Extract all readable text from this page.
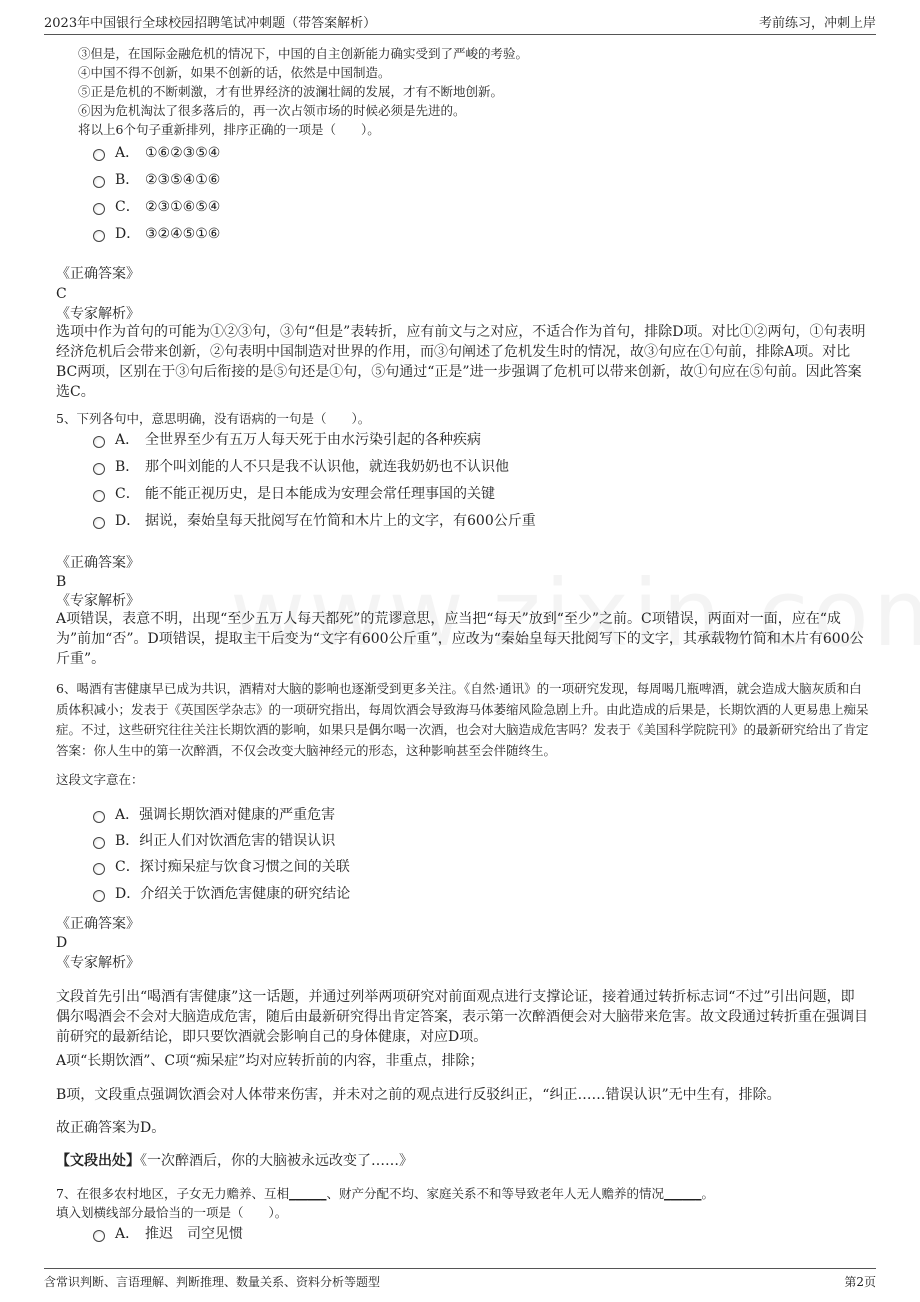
2023年中国银行全球校园招聘笔试冲刺题（带答案解析）	考前练习，冲刺上岸
③但是，在国际金融危机的情况下，中国的自主创新能力确实受到了严峻的考验。
④中国不得不创新，如果不创新的话，依然是中国制造。
⑤正是危机的不断刺激，才有世界经济的波澜壮阔的发展，才有不断地创新。
⑥因为危机淘汰了很多落后的，再一次占领市场的时候必须是先进的。
将以上6个句子重新排列，排序正确的一项是（　　）。
A． ①⑥②③⑤④
B． ②③⑤④①⑥
C． ②③①⑥⑤④
D． ③②④⑤①⑥
《正确答案》
C
《专家解析》
选项中作为首句的可能为①②③句，③句“但是”表转折，应有前文与之对应，不适合作为首句，排除D项。对比①②两句，①句表明经济危机后会带来创新，②句表明中国制造对世界的作用，而③句阐述了危机发生时的情况，故③句应在①句前，排除A项。对比BC两项，区别在于③句后衔接的是⑤句还是①句，⑤句通过“正是”进一步强调了危机可以带来创新，故①句应在⑤句前。因此答案选C。
5、下列各句中，意思明确，没有语病的一句是（　　）。
A． 全世界至少有五万人每天死于由水污染引起的各种疾病
B． 那个叫刘能的人不只是我不认识他，就连我奶奶也不认识他
C． 能不能正视历史，是日本能成为安理会常任理事国的关键
D． 据说，秦始皇每天批阅写在竹简和木片上的文字，有600公斤重
《正确答案》
B
《专家解析》
A项错误，表意不明，出现“至少五万人每天都死”的荒谬意思，应当把“每天”放到“至少”之前。C项错误，两面对一面，应在“成为”前加“否”。D项错误，提取主干后变为“文字有600公斤重”，应改为“秦始皇每天批阅写下的文字，其承载物竹简和木片有600公斤重”。
6、喝酒有害健康早已成为共识，酒精对大脑的影响也逐渐受到更多关注。《自然·通讯》的一项研究发现，每周喝几瓶啤酒，就会造成大脑灰质和白质体积减小；发表于《英国医学杂志》的一项研究指出，每周饮酒会导致海马体萎缩风险急剧上升。由此造成的后果是，长期饮酒的人更易患上痴呆症。不过，这些研究往往关注长期饮酒的影响，如果只是偶尔喝一次酒，也会对大脑造成危害吗？发表于《美国科学院院刊》的最新研究给出了肯定答案：你人生中的第一次醉酒，不仅会改变大脑神经元的形态，这种影响甚至会伴随终生。
这段文字意在：
A．强调长期饮酒对健康的严重危害
B．纠正人们对饮酒危害的错误认识
C．探讨痴呆症与饮食习惯之间的关联
D．介绍关于饮酒危害健康的研究结论
《正确答案》
D
《专家解析》
文段首先引出“喝酒有害健康”这一话题，并通过列举两项研究对前面观点进行支撑论证，接着通过转折标志词“不过”引出问题，即偶尔喝酒会不会对大脑造成危害，随后由最新研究得出肯定答案，表示第一次醉酒便会对大脑带来危害。故文段通过转折重在强调目前研究的最新结论，即只要饮酒就会影响自己的身体健康，对应D项。
A项“长期饮酒”、C项“痴呆症”均对应转折前的内容，非重点，排除；
B项，文段重点强调饮酒会对人体带来伤害，并未对之前的观点进行反驳纠正，“纠正……错误认识”无中生有，排除。
故正确答案为D。
【文段出处】《一次醉酒后，你的大脑被永远改变了……》
7、在很多农村地区，子女无力赡养、互相______、财产分配不均、家庭关系不和等导致老年人无人赡养的情况______。
填入划横线部分最恰当的一项是（　　）。
A． 推迟　司空见惯
含常识判断、言语理解、判断推理、数量关系、资料分析等题型	第2页
